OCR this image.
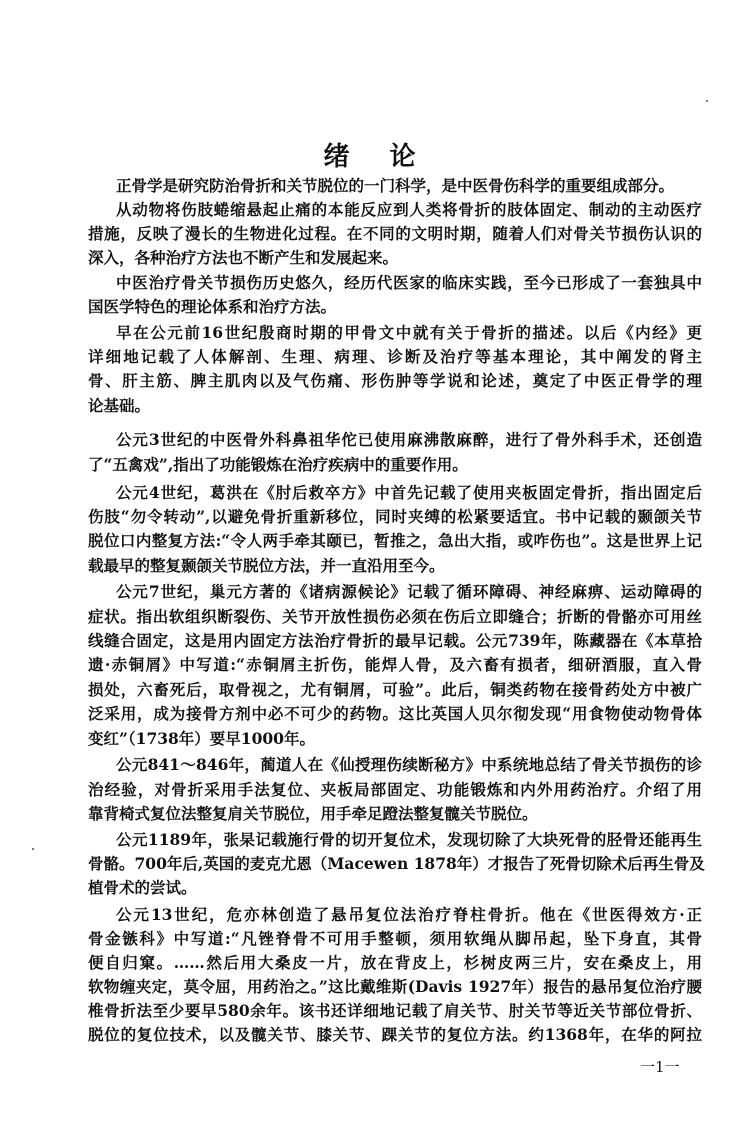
绪论
正骨学是研究防治骨折和关节脱位的一门科学，是中医骨伤科学的重要组成部分。
从动物将伤肢蜷缩悬起止痛的本能反应到人类将骨折的肢体固定、制动的主动医疗
措施，反映了漫长的生物进化过程。在不同的文明时期，随着人们对骨关节损伤认识的
深入，各种治疗方法也不断产生和发展起来。
中医治疗骨关节损伤历史悠久，经历代医家的临床实践，至今已形成了一套独具中
国医学特色的理论体系和治疗方法。
早在公元前16世纪殷商时期的甲骨文中就有关于骨折的描述。以后《内经》更
详细地记载了人体解剖、生理、病理、诊断及治疗等基本理论，其中阐发的肾主
骨、肝主筋、脾主肌肉以及气伤痛、形伤肿等学说和论述，奠定了中医正骨学的理
论基础。
公元3世纪的中医骨外科鼻祖华佗已使用麻沸散麻醉，进行了骨外科手术，还创造
了“五禽戏”,指出了功能锻炼在治疗疾病中的重要作用。
公元4世纪，葛洪在《肘后救卒方》中首先记载了使用夹板固定骨折，指出固定后
伤肢“勿令转动”,以避免骨折重新移位，同时夹缚的松紧要适宜。书中记载的颞颌关节
脱位口内整复方法:“令人两手牵其颐已，暂推之，急出大指，或咋伤也”。这是世界上记
载最早的整复颞颌关节脱位方法，并一直沿用至今。
公元7世纪，巢元方著的《诸病源候论》记载了循环障碍、神经麻痹、运动障碍的
症状。指出软组织断裂伤、关节开放性损伤必须在伤后立即缝合；折断的骨骼亦可用丝
线缝合固定，这是用内固定方法治疗骨折的最早记载。公元739年，陈藏器在《本草拾
遗·赤铜屑》中写道:“赤铜屑主折伤，能焊人骨，及六畜有损者，细研酒服，直入骨
损处，六畜死后，取骨视之，尤有铜屑，可验”。此后，铜类药物在接骨药处方中被广
泛采用，成为接骨方剂中必不可少的药物。这比英国人贝尔彻发现“用食物使动物骨体
变红”（1738年）要早1000年。
公元841～846年，蔺道人在《仙授理伤续断秘方》中系统地总结了骨关节损伤的诊
治经验，对骨折采用手法复位、夹板局部固定、功能锻炼和内外用药治疗。介绍了用
靠背椅式复位法整复肩关节脱位，用手牵足蹬法整复髋关节脱位。
公元1189年，张杲记载施行骨的切开复位术，发现切除了大块死骨的胫骨还能再生
骨骼。700年后,英国的麦克尤恩（Macewen 1878年）才报告了死骨切除术后再生骨及
植骨术的尝试。
公元13世纪，危亦林创造了悬吊复位法治疗脊柱骨折。他在《世医得效方·正
骨金镞科》中写道:“凡锉脊骨不可用手整顿，须用软绳从脚吊起，坠下身直，其骨
便自归窠。……然后用大桑皮一片，放在背皮上，杉树皮两三片，安在桑皮上，用
软物缠夹定，莫令屈，用药治之。”这比戴维斯(Davis 1927年）报告的悬吊复位治疗腰
椎骨折法至少要早580余年。该书还详细地记载了肩关节、肘关节等近关节部位骨折、
脱位的复位技术，以及髋关节、膝关节、踝关节的复位方法。约1368年，在华的阿拉
一1一
